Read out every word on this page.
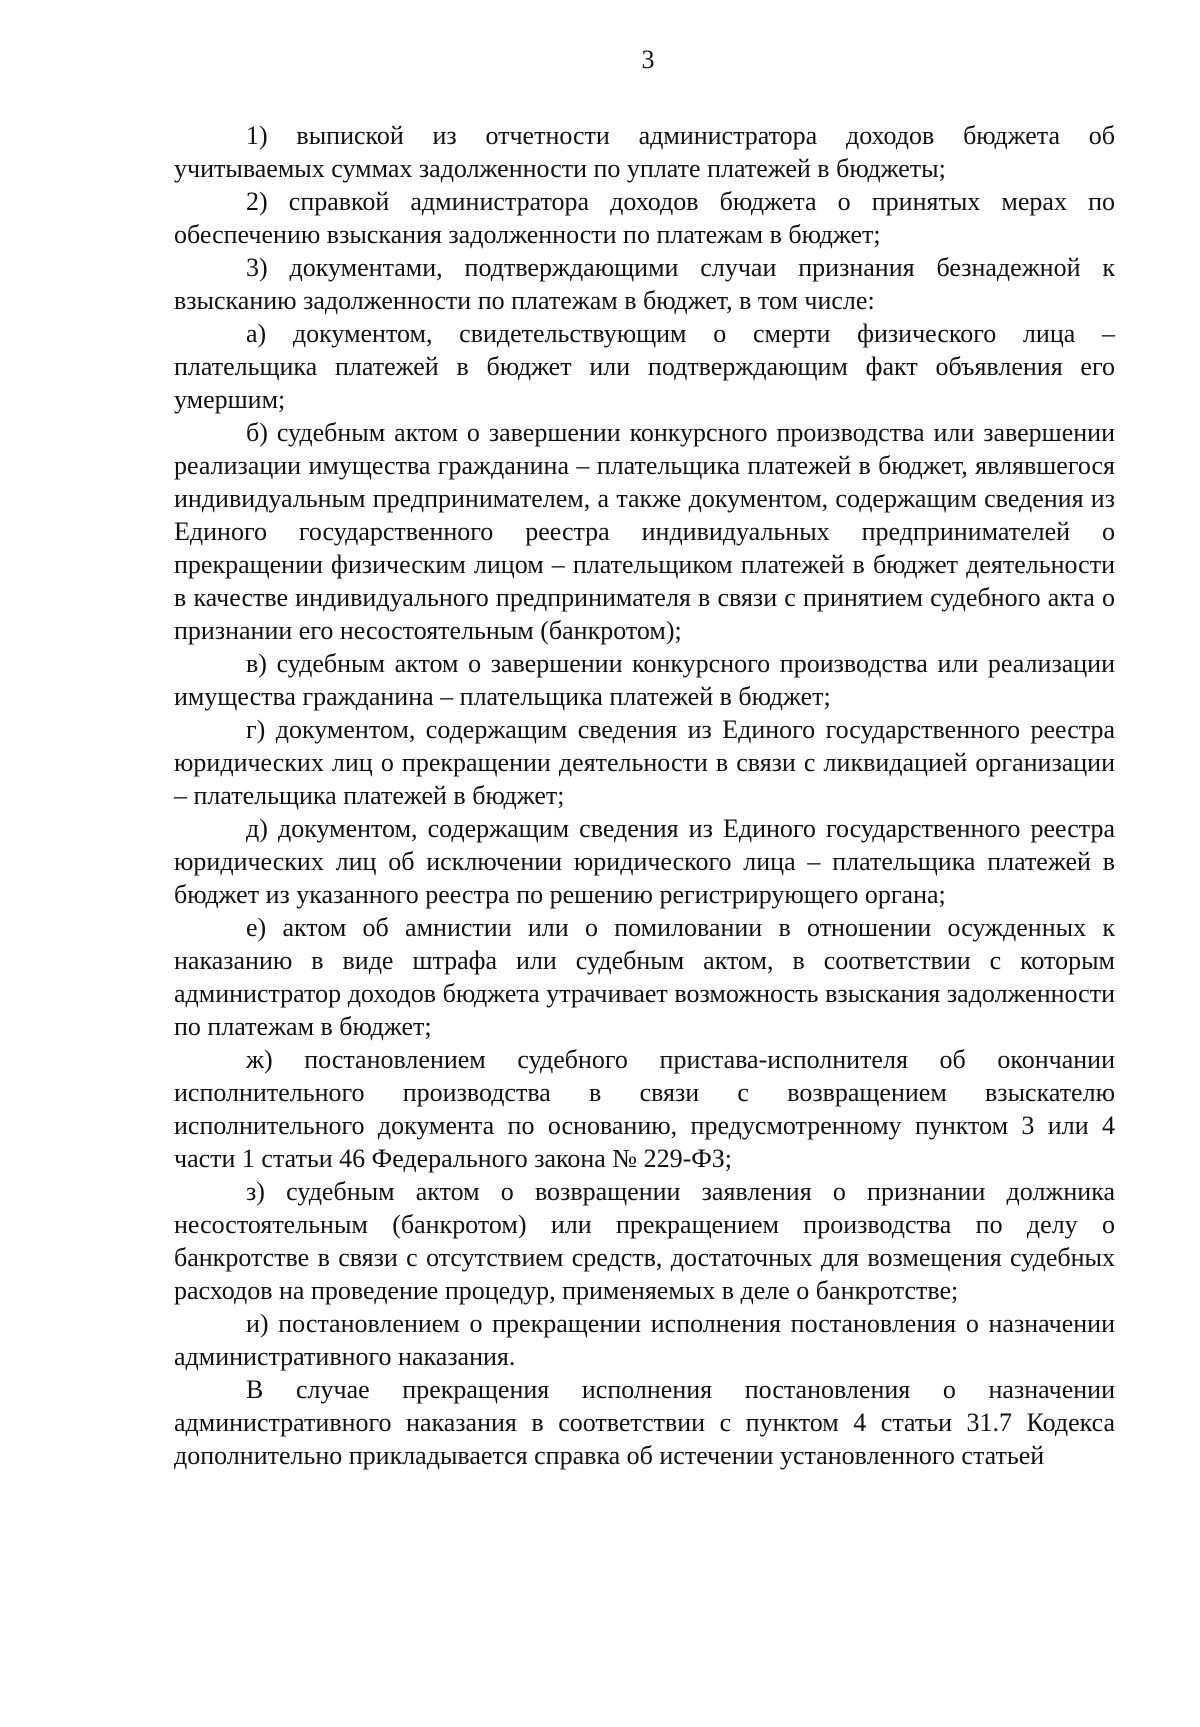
3

1) выпиской из отчетности администратора доходов бюджета об учитываемых суммах задолженности по уплате платежей в бюджеты;

2) справкой администратора доходов бюджета о принятых мерах по обеспечению взыскания задолженности по платежам в бюджет;

3) документами, подтверждающими случаи признания безнадежной к взысканию задолженности по платежам в бюджет, в том числе:

а) документом, свидетельствующим о смерти физического лица – плательщика платежей в бюджет или подтверждающим факт объявления его умершим;

б) судебным актом о завершении конкурсного производства или завершении реализации имущества гражданина – плательщика платежей в бюджет, являвшегося индивидуальным предпринимателем, а также документом, содержащим сведения из Единого государственного реестра индивидуальных предпринимателей о прекращении физическим лицом – плательщиком платежей в бюджет деятельности в качестве индивидуального предпринимателя в связи с принятием судебного акта о признании его несостоятельным (банкротом);

в) судебным актом о завершении конкурсного производства или реализации имущества гражданина – плательщика платежей в бюджет;

г) документом, содержащим сведения из Единого государственного реестра юридических лиц о прекращении деятельности в связи с ликвидацией организации – плательщика платежей в бюджет;

д) документом, содержащим сведения из Единого государственного реестра юридических лиц об исключении юридического лица – плательщика платежей в бюджет из указанного реестра по решению регистрирующего органа;

е) актом об амнистии или о помиловании в отношении осужденных к наказанию в виде штрафа или судебным актом, в соответствии с которым администратор доходов бюджета утрачивает возможность взыскания задолженности по платежам в бюджет;

ж) постановлением судебного пристава-исполнителя об окончании исполнительного производства в связи с возвращением взыскателю исполнительного документа по основанию, предусмотренному пунктом 3 или 4 части 1 статьи 46 Федерального закона № 229-ФЗ;

з) судебным актом о возвращении заявления о признании должника несостоятельным (банкротом) или прекращением производства по делу о банкротстве в связи с отсутствием средств, достаточных для возмещения судебных расходов на проведение процедур, применяемых в деле о банкротстве;

и) постановлением о прекращении исполнения постановления о назначении административного наказания.

В случае прекращения исполнения постановления о назначении административного наказания в соответствии с пунктом 4 статьи 31.7 Кодекса дополнительно прикладывается справка об истечении установленного статьей
